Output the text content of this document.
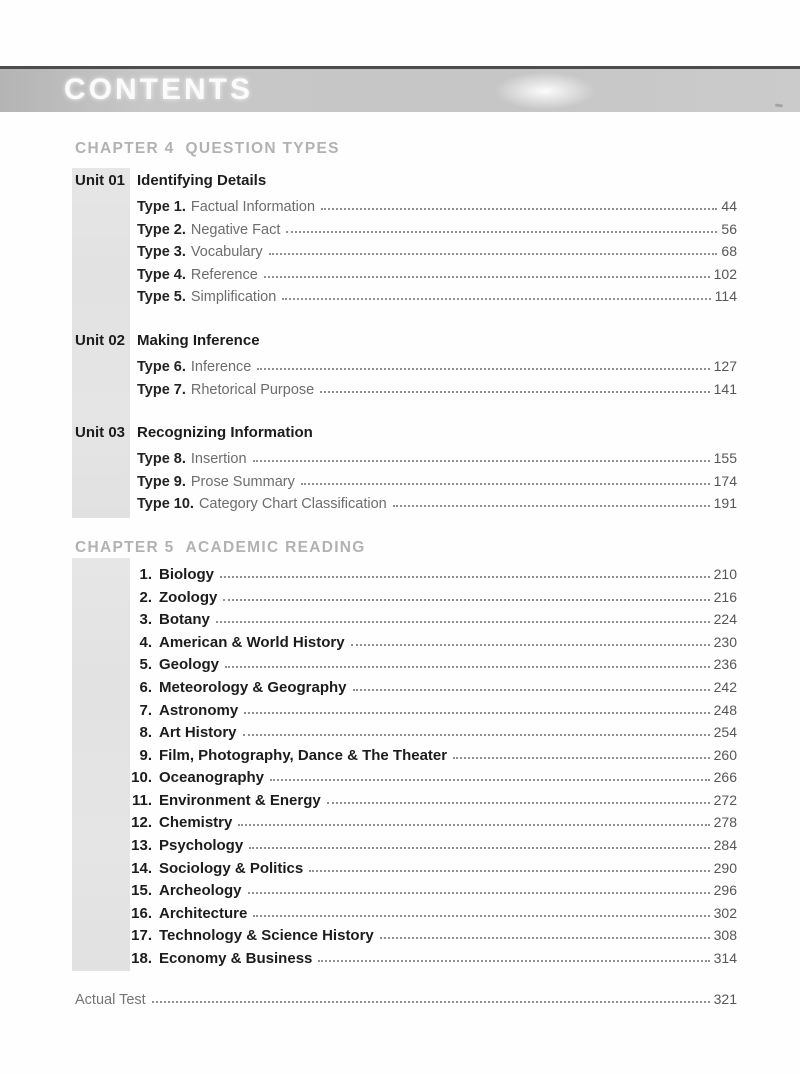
CONTENTS
CHAPTER 4 QUESTION TYPES
Unit 01 Identifying Details
Type 1. Factual Information	44
Type 2. Negative Fact	56
Type 3. Vocabulary	68
Type 4. Reference	102
Type 5. Simplification	114
Unit 02 Making Inference
Type 6. Inference	127
Type 7. Rhetorical Purpose	141
Unit 03 Recognizing Information
Type 8. Insertion	155
Type 9. Prose Summary	174
Type 10. Category Chart Classification	191
CHAPTER 5 ACADEMIC READING
1. Biology	210
2. Zoology	216
3. Botany	224
4. American & World History	230
5. Geology	236
6. Meteorology & Geography	242
7. Astronomy	248
8. Art History	254
9. Film, Photography, Dance & The Theater	260
10. Oceanography	266
11. Environment & Energy	272
12. Chemistry	278
13. Psychology	284
14. Sociology & Politics	290
15. Archeology	296
16. Architecture	302
17. Technology & Science History	308
18. Economy & Business	314
Actual Test	321
